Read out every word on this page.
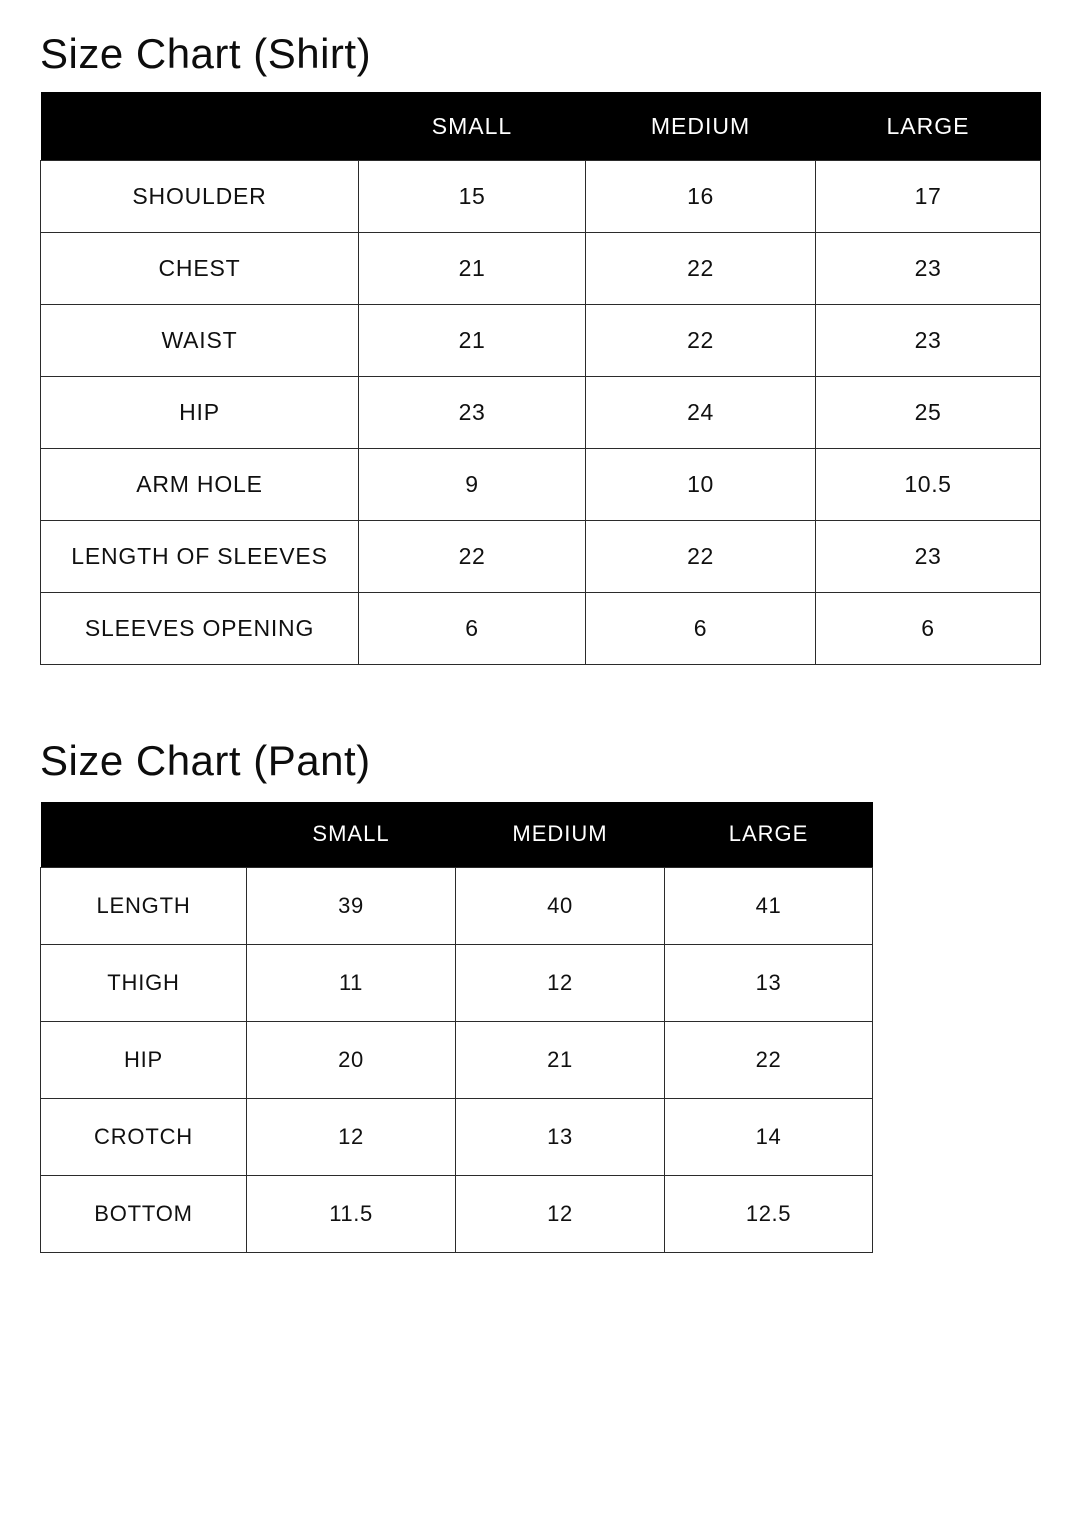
Size Chart (Shirt)
	SMALL	MEDIUM	LARGE
SHOULDER	15	16	17
CHEST	21	22	23
WAIST	21	22	23
HIP	23	24	25
ARM HOLE	9	10	10.5
LENGTH OF SLEEVES	22	22	23
SLEEVES OPENING	6	6	6
Size Chart (Pant)
	SMALL	MEDIUM	LARGE
LENGTH	39	40	41
THIGH	11	12	13
HIP	20	21	22
CROTCH	12	13	14
BOTTOM	11.5	12	12.5
